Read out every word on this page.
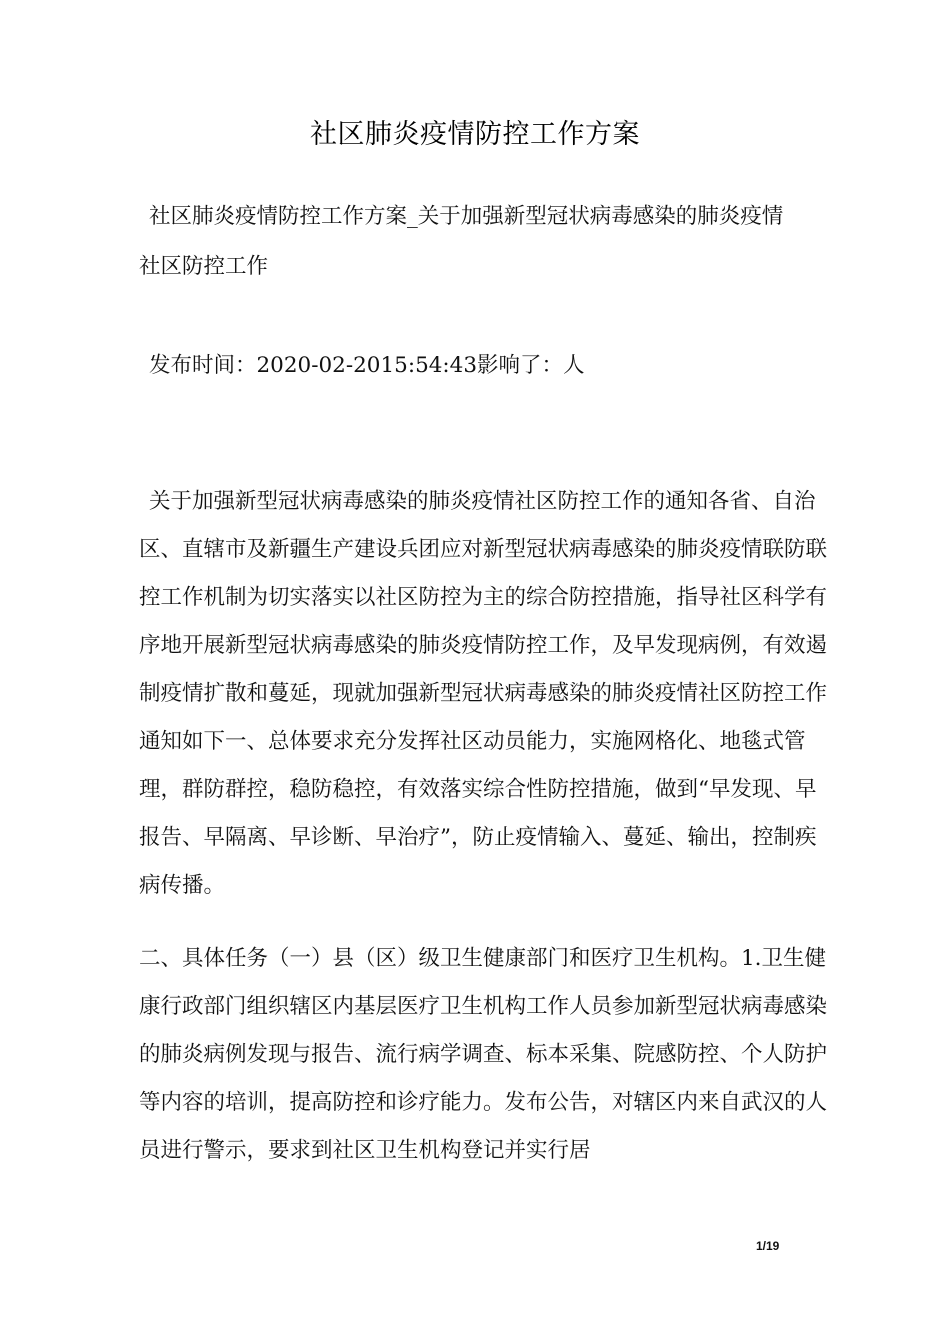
社区肺炎疫情防控工作方案

社区肺炎疫情防控工作方案_关于加强新型冠状病毒感染的肺炎疫情社区防控工作

发布时间：2020-02-2015:54:43影响了：人

关于加强新型冠状病毒感染的肺炎疫情社区防控工作的通知各省、自治区、直辖市及新疆生产建设兵团应对新型冠状病毒感染的肺炎疫情联防联控工作机制为切实落实以社区防控为主的综合防控措施，指导社区科学有序地开展新型冠状病毒感染的肺炎疫情防控工作，及早发现病例，有效遏制疫情扩散和蔓延，现就加强新型冠状病毒感染的肺炎疫情社区防控工作通知如下一、总体要求充分发挥社区动员能力，实施网格化、地毯式管理，群防群控，稳防稳控，有效落实综合性防控措施，做到“早发现、早报告、早隔离、早诊断、早治疗”，防止疫情输入、蔓延、输出，控制疾病传播。

二、具体任务（一）县（区）级卫生健康部门和医疗卫生机构。1.卫生健康行政部门组织辖区内基层医疗卫生机构工作人员参加新型冠状病毒感染的肺炎病例发现与报告、流行病学调查、标本采集、院感防控、个人防护等内容的培训，提高防控和诊疗能力。发布公告，对辖区内来自武汉的人员进行警示，要求到社区卫生机构登记并实行居

1/19
